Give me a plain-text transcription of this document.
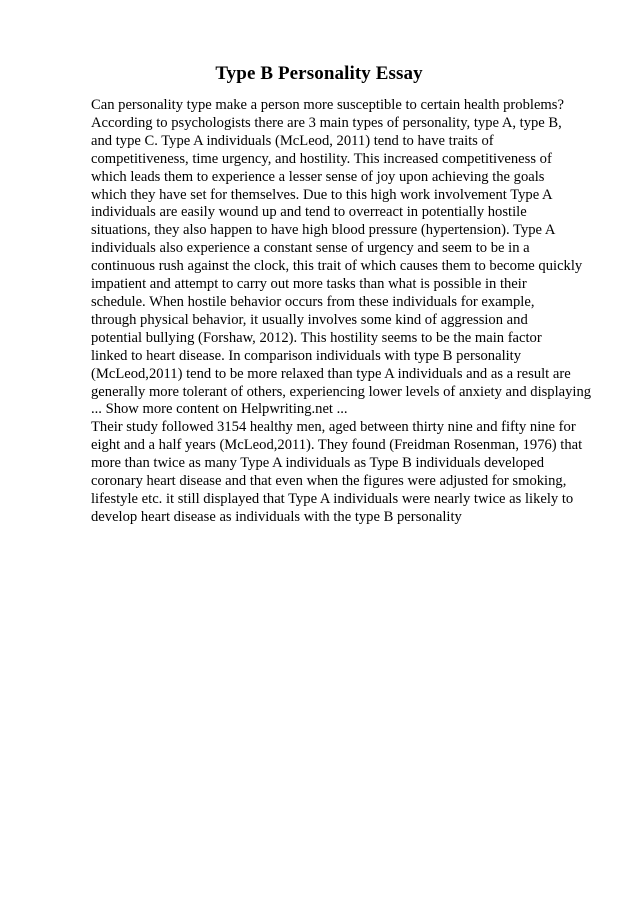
Type B Personality Essay
Can personality type make a person more susceptible to certain health problems?
According to psychologists there are 3 main types of personality, type A, type B,
and type C. Type A individuals (McLeod, 2011) tend to have traits of
competitiveness, time urgency, and hostility. This increased competitiveness of
which leads them to experience a lesser sense of joy upon achieving the goals
which they have set for themselves. Due to this high work involvement Type A
individuals are easily wound up and tend to overreact in potentially hostile
situations, they also happen to have high blood pressure (hypertension). Type A
individuals also experience a constant sense of urgency and seem to be in a
continuous rush against the clock, this trait of which causes them to become quickly
impatient and attempt to carry out more tasks than what is possible in their
schedule. When hostile behavior occurs from these individuals for example,
through physical behavior, it usually involves some kind of aggression and
potential bullying (Forshaw, 2012). This hostility seems to be the main factor
linked to heart disease. In comparison individuals with type B personality
(McLeod,2011) tend to be more relaxed than type A individuals and as a result are
generally more tolerant of others, experiencing lower levels of anxiety and displaying
... Show more content on Helpwriting.net ...
Their study followed 3154 healthy men, aged between thirty nine and fifty nine for
eight and a half years (McLeod,2011). They found (Freidman Rosenman, 1976) that
more than twice as many Type A individuals as Type B individuals developed
coronary heart disease and that even when the figures were adjusted for smoking,
lifestyle etc. it still displayed that Type A individuals were nearly twice as likely to
develop heart disease as individuals with the type B personality
